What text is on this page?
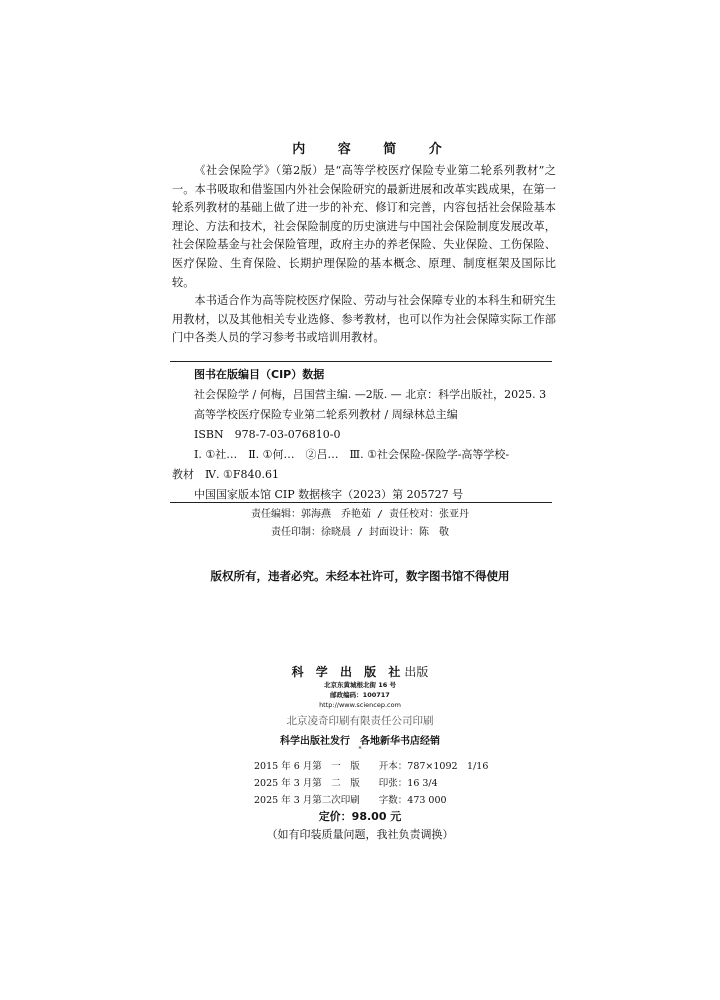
内 容 简 介

《社会保险学》（第2版）是“高等学校医疗保险专业第二轮系列教材”之一。本书吸取和借鉴国内外社会保险研究的最新进展和改革实践成果，在第一轮系列教材的基础上做了进一步的补充、修订和完善，内容包括社会保险基本理论、方法和技术，社会保险制度的历史演进与中国社会保险制度发展改革，社会保险基金与社会保险管理，政府主办的养老保险、失业保险、工伤保险、医疗保险、生育保险、长期护理保险的基本概念、原理、制度框架及国际比较。

本书适合作为高等院校医疗保险、劳动与社会保障专业的本科生和研究生用教材，以及其他相关专业选修、参考教材，也可以作为社会保障实际工作部门中各类人员的学习参考书或培训用教材。

图书在版编目（CIP）数据
社会保险学 / 何梅，吕国营主编. —2版. — 北京：科学出版社，2025. 3
高等学校医疗保险专业第二轮系列教材 / 周绿林总主编
ISBN　978-7-03-076810-0
Ⅰ. ①社…　Ⅱ. ①何…　②吕…　Ⅲ. ①社会保险-保险学-高等学校-
教材　Ⅳ. ①F840.61
中国国家版本馆 CIP 数据核字（2023）第 205727 号
责任编辑：郭海燕　乔艳茹 / 责任校对：张亚丹
责任印制：徐晓晨 / 封面设计：陈　敬
版权所有，违者必究。未经本社许可，数字图书馆不得使用
科 学 出 版 社出版
北京东黄城根北街 16 号
邮政编码：100717
http://www.sciencep.com
北京凌奇印刷有限责任公司印刷
科学出版社发行　各地新华书店经销
*
2015 年 6 月第　一　版　　开本：787×1092　1/16
2025 年 3 月第　二　版　　印张：16 3/4
2025 年 3 月第二次印刷　　字数：473 000
定价：98.00 元
（如有印装质量问题，我社负责调换）
